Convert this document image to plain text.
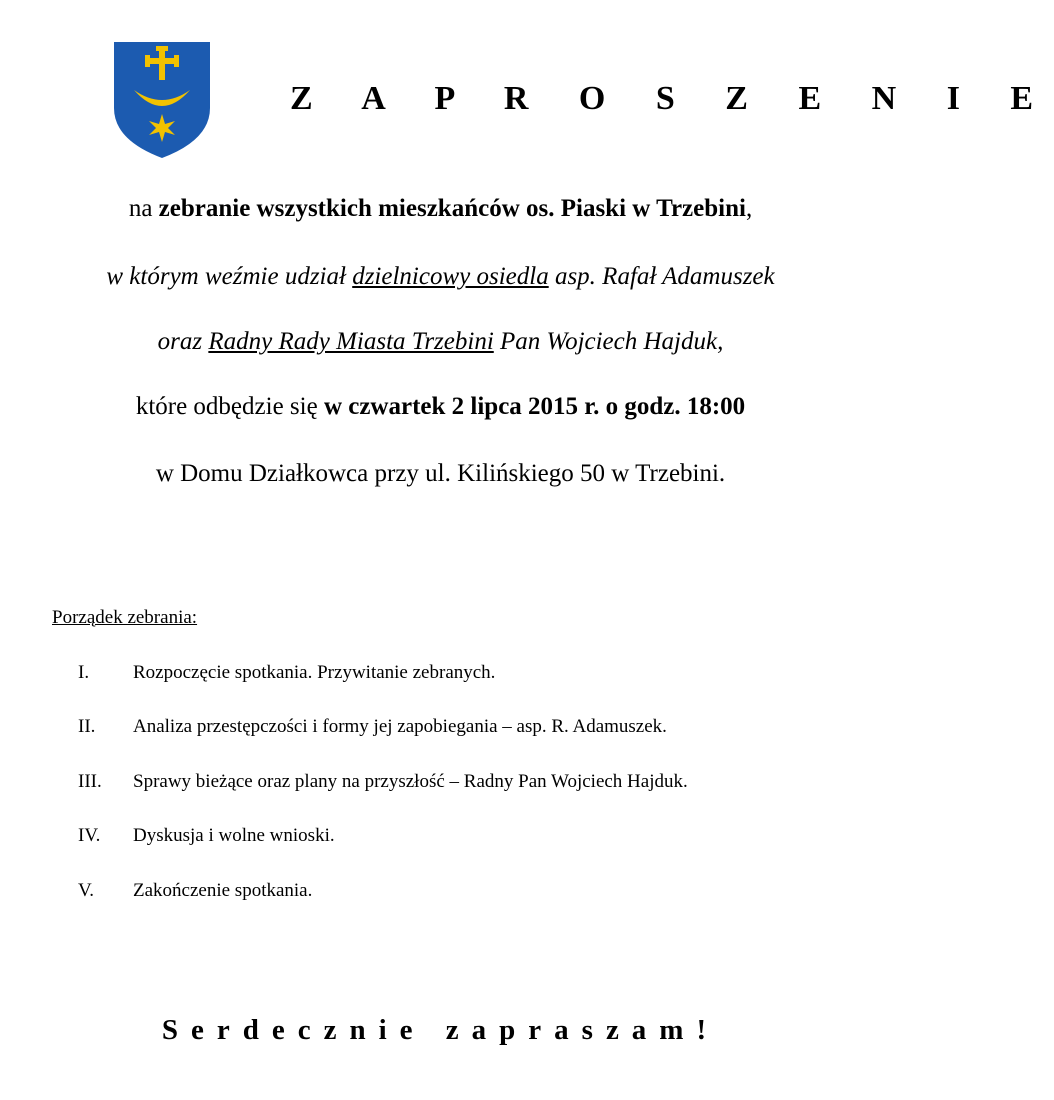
Z A P R O S Z E N I E
na zebranie wszystkich mieszkańców os. Piaski w Trzebini,
w którym weźmie udział dzielnicowy osiedla asp. Rafał Adamuszek
oraz Radny Rady Miasta Trzebini Pan Wojciech Hajduk,
które odbędzie się w czwartek 2 lipca 2015 r. o godz. 18:00
w Domu Działkowca przy ul. Kilińskiego 50 w Trzebini.
Porządek zebrania:
I.	Rozpoczęcie spotkania. Przywitanie zebranych.
II.	Analiza przestępczości i formy jej zapobiegania – asp. R. Adamuszek.
III.	Sprawy bieżące oraz plany na przyszłość – Radny Pan Wojciech Hajduk.
IV.	Dyskusja i wolne wnioski.
V.	Zakończenie spotkania.
Serdecznie zapraszam!
